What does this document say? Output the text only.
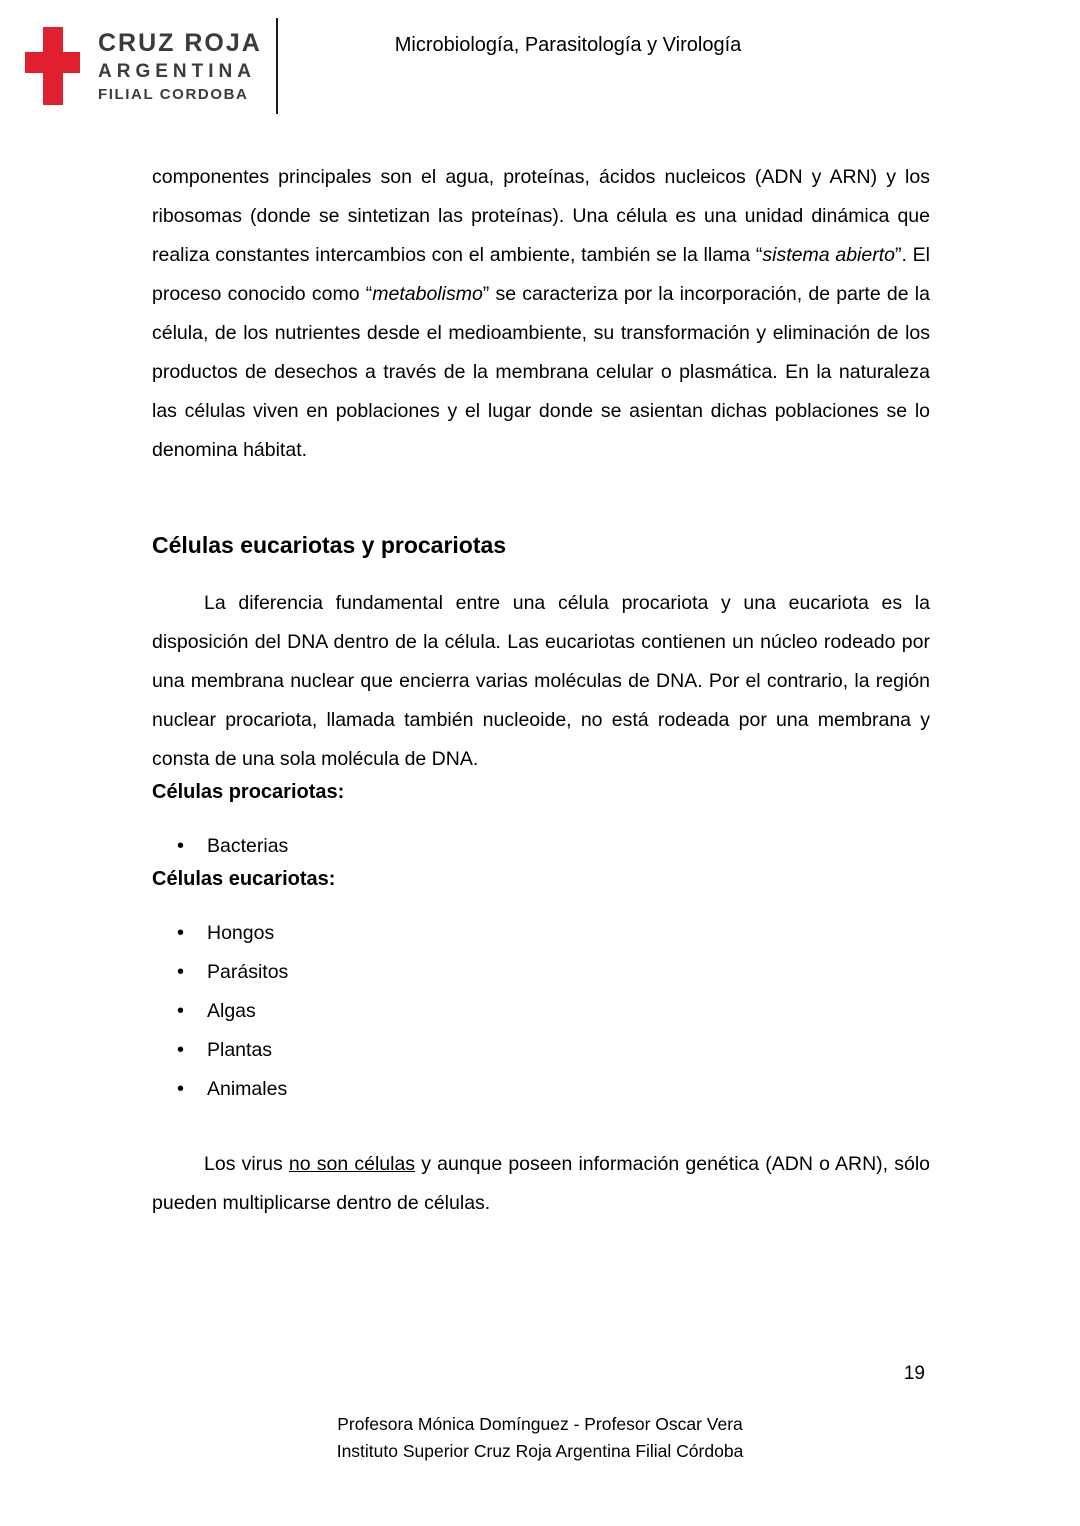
CRUZ ROJA
ARGENTINA
FILIAL CORDOBA
Microbiología, Parasitología y Virología

componentes principales son el agua, proteínas, ácidos nucleicos (ADN y ARN) y los ribosomas (donde se sintetizan las proteínas). Una célula es una unidad dinámica que realiza constantes intercambios con el ambiente, también se la llama “sistema abierto”. El proceso conocido como “metabolismo” se caracteriza por la incorporación, de parte de la célula, de los nutrientes desde el medioambiente, su transformación y eliminación de los productos de desechos a través de la membrana celular o plasmática. En la naturaleza las células viven en poblaciones y el lugar donde se asientan dichas poblaciones se lo denomina hábitat.

Células eucariotas y procariotas

La diferencia fundamental entre una célula procariota y una eucariota es la disposición del DNA dentro de la célula. Las eucariotas contienen un núcleo rodeado por una membrana nuclear que encierra varias moléculas de DNA. Por el contrario, la región nuclear procariota, llamada también nucleoide, no está rodeada por una membrana y consta de una sola molécula de DNA.

Células procariotas:
• Bacterias
Células eucariotas:
• Hongos
• Parásitos
• Algas
• Plantas
• Animales

Los virus no son células y aunque poseen información genética (ADN o ARN), sólo pueden multiplicarse dentro de células.

19
Profesora Mónica Domínguez - Profesor Oscar Vera
Instituto Superior Cruz Roja Argentina Filial Córdoba
